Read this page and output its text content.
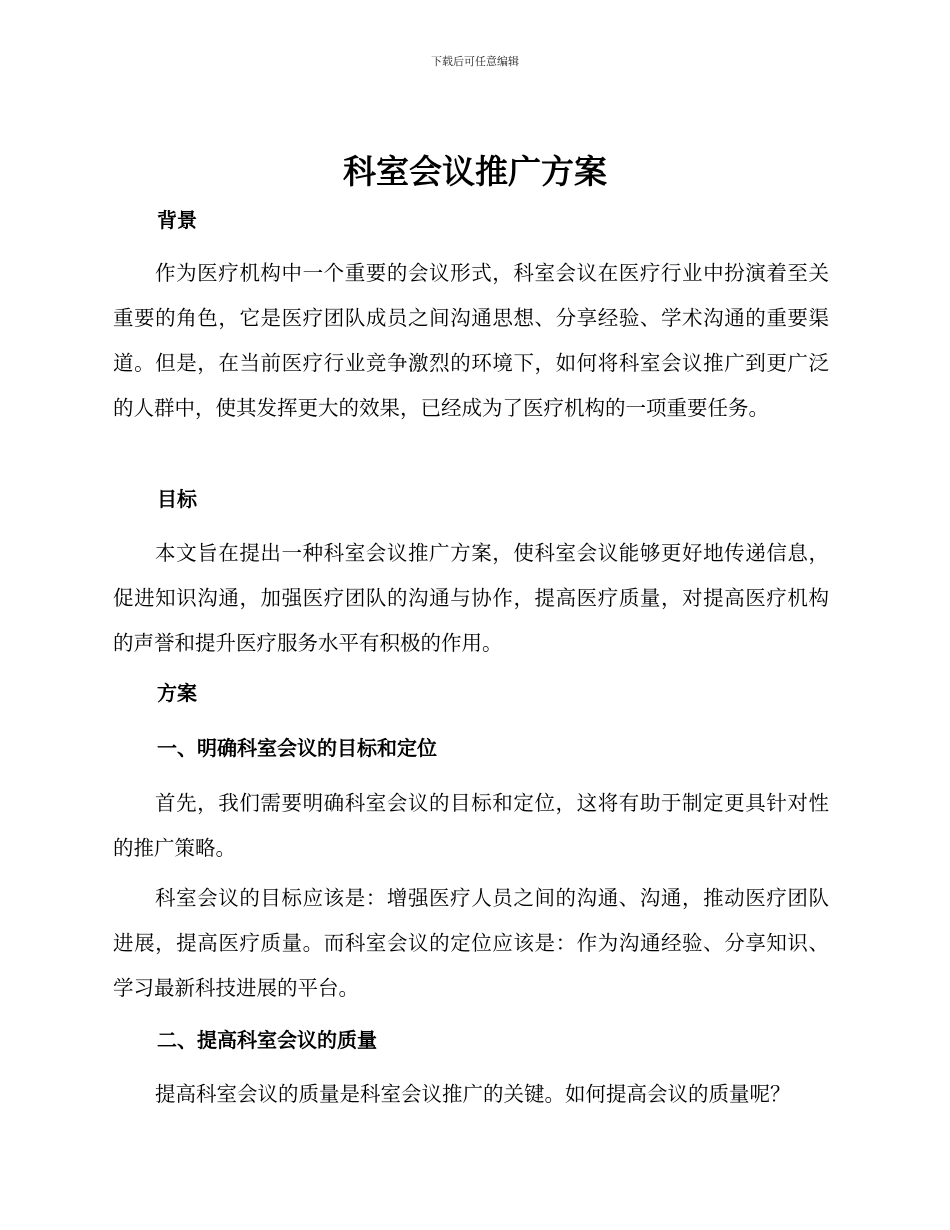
下载后可任意编辑
科室会议推广方案
背景

作为医疗机构中一个重要的会议形式，科室会议在医疗行业中扮演着至关重要的角色，它是医疗团队成员之间沟通思想、分享经验、学术沟通的重要渠道。但是，在当前医疗行业竞争激烈的环境下，如何将科室会议推广到更广泛的人群中，使其发挥更大的效果，已经成为了医疗机构的一项重要任务。

目标

本文旨在提出一种科室会议推广方案，使科室会议能够更好地传递信息，促进知识沟通，加强医疗团队的沟通与协作，提高医疗质量，对提高医疗机构的声誉和提升医疗服务水平有积极的作用。

方案
一、明确科室会议的目标和定位

首先，我们需要明确科室会议的目标和定位，这将有助于制定更具针对性的推广策略。

科室会议的目标应该是：增强医疗人员之间的沟通、沟通，推动医疗团队进展，提高医疗质量。而科室会议的定位应该是：作为沟通经验、分享知识、学习最新科技进展的平台。

二、提高科室会议的质量

提高科室会议的质量是科室会议推广的关键。如何提高会议的质量呢？
